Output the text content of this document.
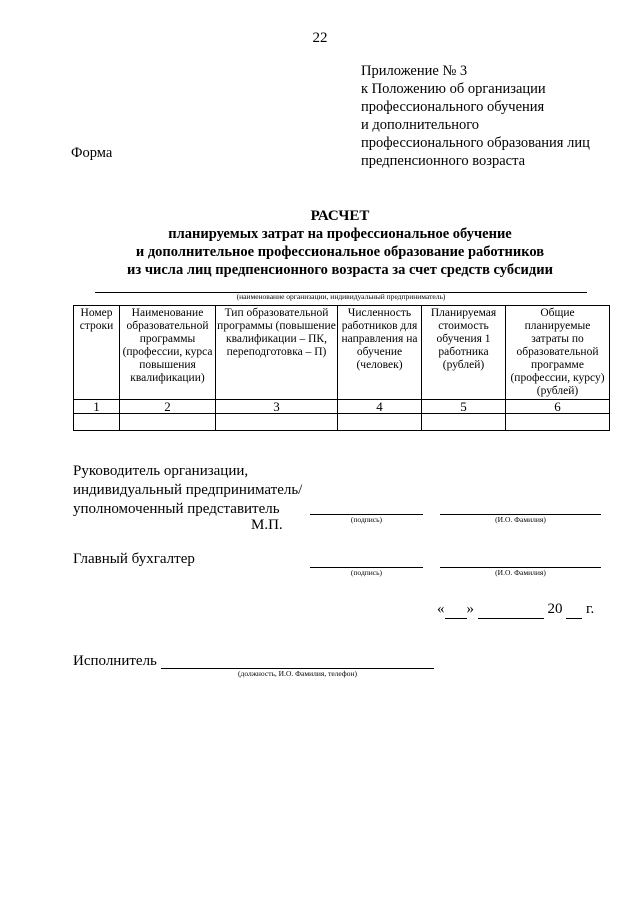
22
Приложение № 3
к Положению об организации
профессионального обучения
и дополнительного
профессионального образования лиц
предпенсионного возраста
Форма
РАСЧЕТ
планируемых затрат на профессиональное обучение
и дополнительное профессиональное образование работников
из числа лиц предпенсионного возраста за счет средств субсидии
(наименование организации, индивидуальный предприниматель)
Номер строки	Наименование образовательной программы (профессии, курса повышения квалификации)	Тип образовательной программы (повышение квалификации – ПК, переподготовка – П)	Численность работников для направления на обучение (человек)	Планируемая стоимость обучения 1 работника (рублей)	Общие планируемые затраты по образовательной программе (профессии, курсу) (рублей)
1	2	3	4	5	6

Руководитель организации,
индивидуальный предприниматель/
уполномоченный представитель
М.П.	(подпись)	(И.О. Фамилия)
Главный бухгалтер
(подпись)	(И.О. Фамилия)
« »	20 г.
Исполнитель
(должность, И.О. Фамилия, телефон)
